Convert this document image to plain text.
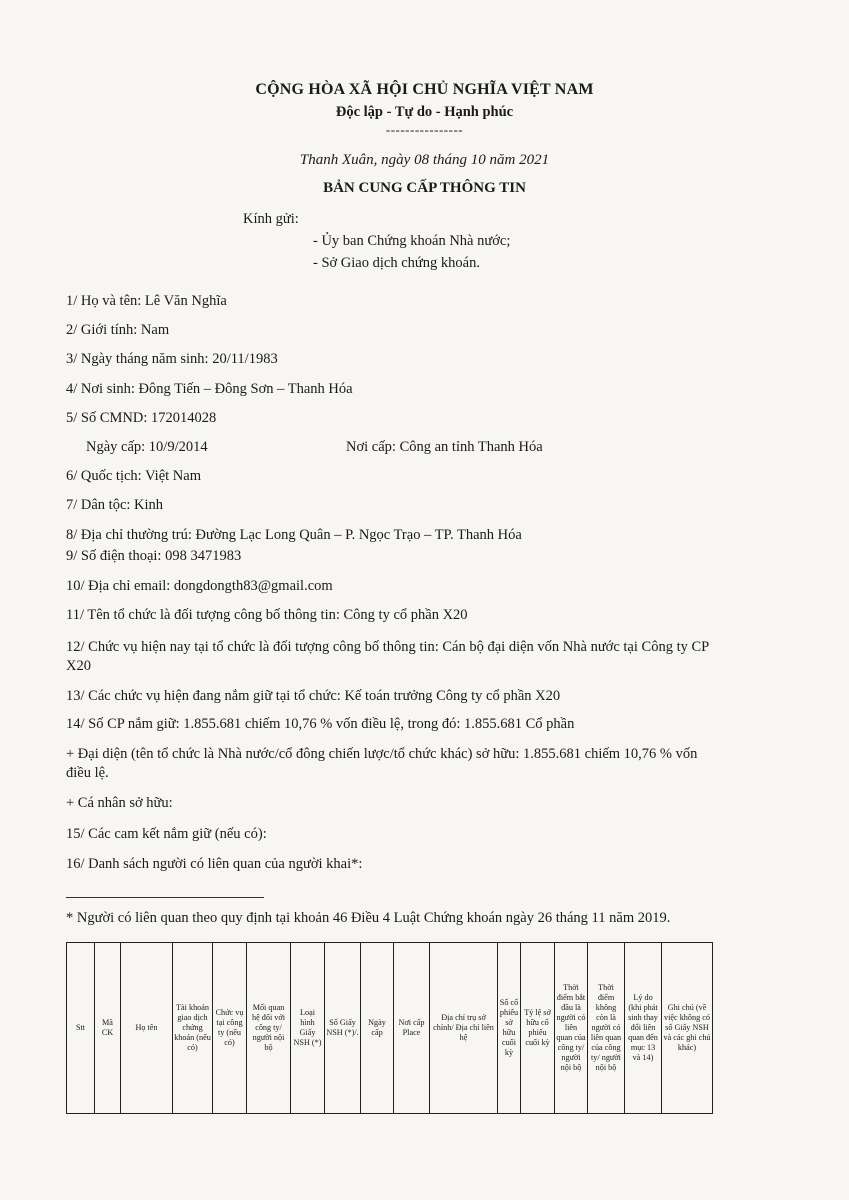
CỘNG HÒA XÃ HỘI CHỦ NGHĨA VIỆT NAM
Độc lập - Tự do - Hạnh phúc
----------------
Thanh Xuân, ngày 08 tháng 10 năm 2021
BẢN CUNG CẤP THÔNG TIN
Kính gửi:
- Ủy ban Chứng khoán Nhà nước;
- Sở Giao dịch chứng khoán.
1/ Họ và tên: Lê Văn Nghĩa
2/ Giới tính: Nam
3/ Ngày tháng năm sinh: 20/11/1983
4/ Nơi sinh: Đông Tiến – Đông Sơn – Thanh Hóa
5/ Số CMND: 172014028
Ngày cấp: 10/9/2014	Nơi cấp: Công an tỉnh Thanh Hóa
6/ Quốc tịch: Việt Nam
7/ Dân tộc: Kinh
8/ Địa chỉ thường trú: Đường Lạc Long Quân – P. Ngọc Trạo – TP. Thanh Hóa
9/ Số điện thoại: 098 3471983
10/ Địa chỉ email: dongdongth83@gmail.com
11/ Tên tổ chức là đối tượng công bố thông tin: Công ty cổ phần X20
12/ Chức vụ hiện nay tại tổ chức là đối tượng công bố thông tin: Cán bộ đại diện vốn Nhà nước tại Công ty CP X20
13/ Các chức vụ hiện đang nắm giữ tại tổ chức: Kế toán trưởng Công ty cổ phần X20
14/ Số CP nắm giữ: 1.855.681 chiếm 10,76 % vốn điều lệ, trong đó: 1.855.681 Cổ phần
+ Đại diện (tên tổ chức là Nhà nước/cổ đông chiến lược/tổ chức khác) sở hữu: 1.855.681 chiếm 10,76 % vốn điều lệ.
+ Cá nhân sở hữu:
15/ Các cam kết nắm giữ (nếu có):
16/ Danh sách người có liên quan của người khai*:
* Người có liên quan theo quy định tại khoản 46 Điều 4 Luật Chứng khoán ngày 26 tháng 11 năm 2019.
Stt	Mã CK	Họ tên	Tài khoản giao dịch chứng khoán (nếu có)	Chức vụ tại công ty (nếu có)	Mối quan hệ đối với công ty/ người nội bộ	Loại hình Giấy NSH (*)	Số Giấy NSH (*)/.	Ngày cấp	Nơi cấp Place	Địa chỉ trụ sở chính/ Địa chỉ liên hệ	Số cổ phiếu sở hữu cuối kỳ	Tỷ lệ sở hữu cổ phiếu cuối kỳ	Thời điểm bắt đầu là người có liên quan của công ty/ người nội bộ	Thời điểm không còn là người có liên quan của công ty/ người nội bộ	Lý do (khi phát sinh thay đổi liên quan đến mục 13 và 14)	Ghi chú (về việc không có số Giấy NSH và các ghi chú khác)
